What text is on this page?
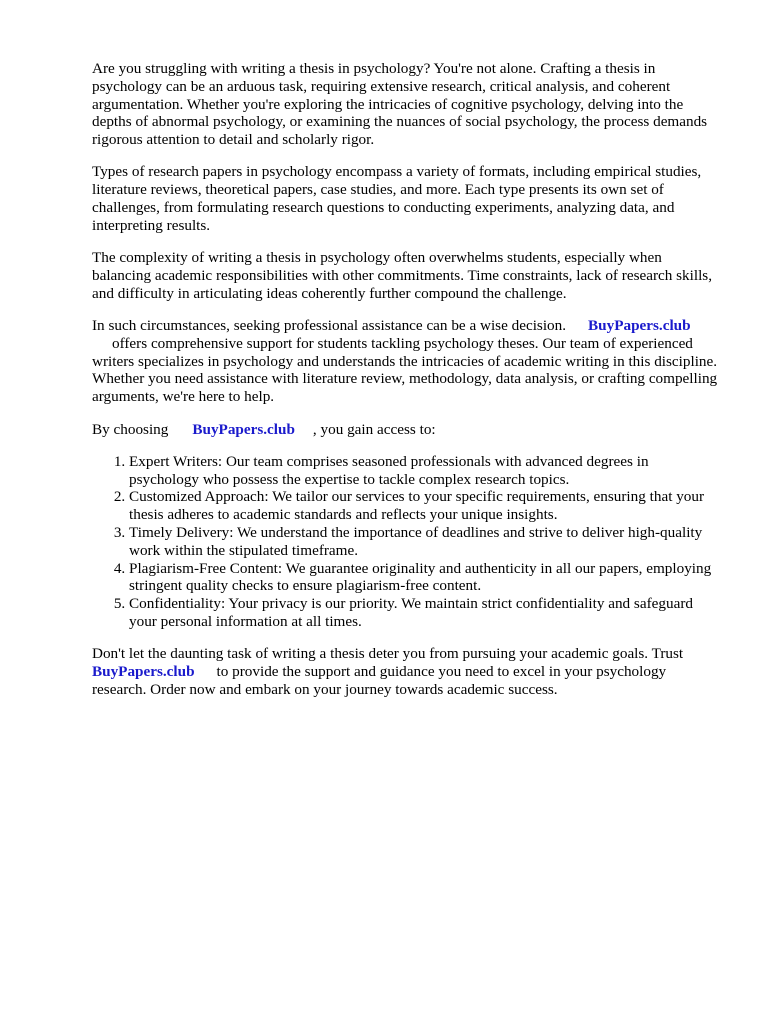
Are you struggling with writing a thesis in psychology? You're not alone. Crafting a thesis in psychology can be an arduous task, requiring extensive research, critical analysis, and coherent argumentation. Whether you're exploring the intricacies of cognitive psychology, delving into the depths of abnormal psychology, or examining the nuances of social psychology, the process demands rigorous attention to detail and scholarly rigor.

Types of research papers in psychology encompass a variety of formats, including empirical studies, literature reviews, theoretical papers, case studies, and more. Each type presents its own set of challenges, from formulating research questions to conducting experiments, analyzing data, and interpreting results.

The complexity of writing a thesis in psychology often overwhelms students, especially when balancing academic responsibilities with other commitments. Time constraints, lack of research skills, and difficulty in articulating ideas coherently further compound the challenge.

In such circumstances, seeking professional assistance can be a wise decision. BuyPapers.club
offers comprehensive support for students tackling psychology theses. Our team of experienced writers specializes in psychology and understands the intricacies of academic writing in this discipline. Whether you need assistance with literature review, methodology, data analysis, or crafting compelling arguments, we're here to help.

By choosing BuyPapers.club , you gain access to:

1. Expert Writers: Our team comprises seasoned professionals with advanced degrees in psychology who possess the expertise to tackle complex research topics.
2. Customized Approach: We tailor our services to your specific requirements, ensuring that your thesis adheres to academic standards and reflects your unique insights.
3. Timely Delivery: We understand the importance of deadlines and strive to deliver high-quality work within the stipulated timeframe.
4. Plagiarism-Free Content: We guarantee originality and authenticity in all our papers, employing stringent quality checks to ensure plagiarism-free content.
5. Confidentiality: Your privacy is our priority. We maintain strict confidentiality and safeguard your personal information at all times.

Don't let the daunting task of writing a thesis deter you from pursuing your academic goals. Trust
BuyPapers.club to provide the support and guidance you need to excel in your psychology research. Order now and embark on your journey towards academic success.
